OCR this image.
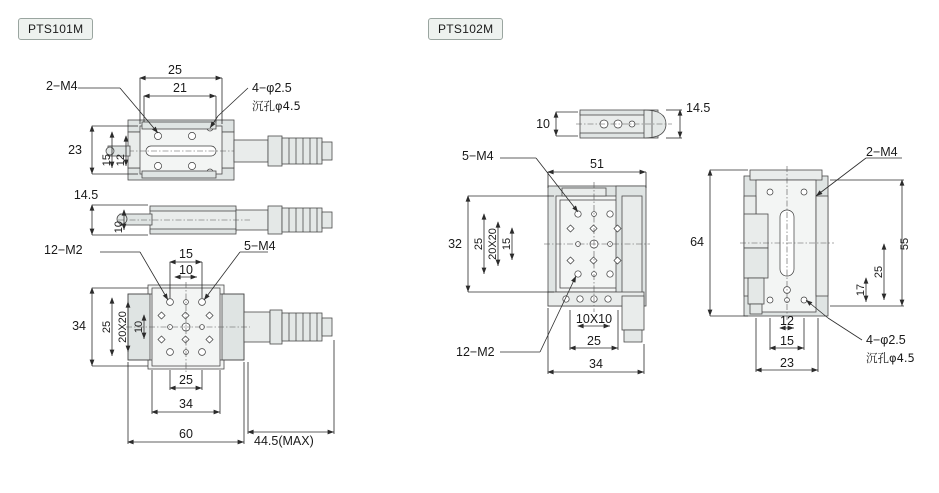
PTS101M	PTS102M
25
21
2−M4	4−φ2.5
沉孔φ4.5
23
15 12
14.5
10
12−M2	5−M4
15
10
34 25 20X20 10
25
34
60	44.5(MAX)
10
14.5
5−M4
51
32 25 15
20X20
12−M2
10X10
25
34
2−M4
64	55
17
25
12
15
23
4−φ2.5
沉孔φ4.5
